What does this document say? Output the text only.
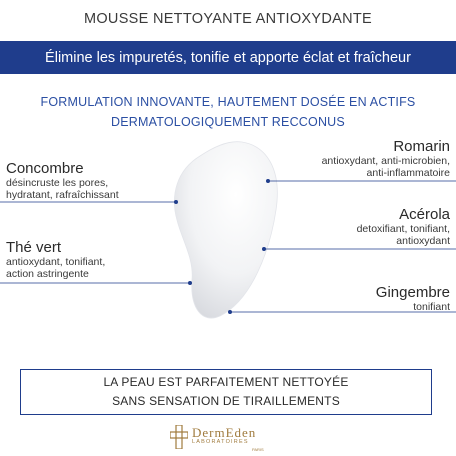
MOUSSE NETTOYANTE ANTIOXYDANTE
Élimine les impuretés, tonifie et apporte éclat et fraîcheur
FORMULATION INNOVANTE, HAUTEMENT DOSÉE EN ACTIFS
DERMATOLOGIQUEMENT RECCONUS
Concombre
désincruste les pores,
hydratant, rafraîchissant
Thé vert
antioxydant, tonifiant,
action astringente
Romarin
antioxydant, anti-microbien,
anti-inflammatoire
Acérola
detoxifiant, tonifiant,
antioxydant
Gingembre
tonifiant
LA PEAU EST PARFAITEMENT NETTOYÉE
SANS SENSATION DE TIRAILLEMENTS
DermEden
LABORATOIRES
PARIS
